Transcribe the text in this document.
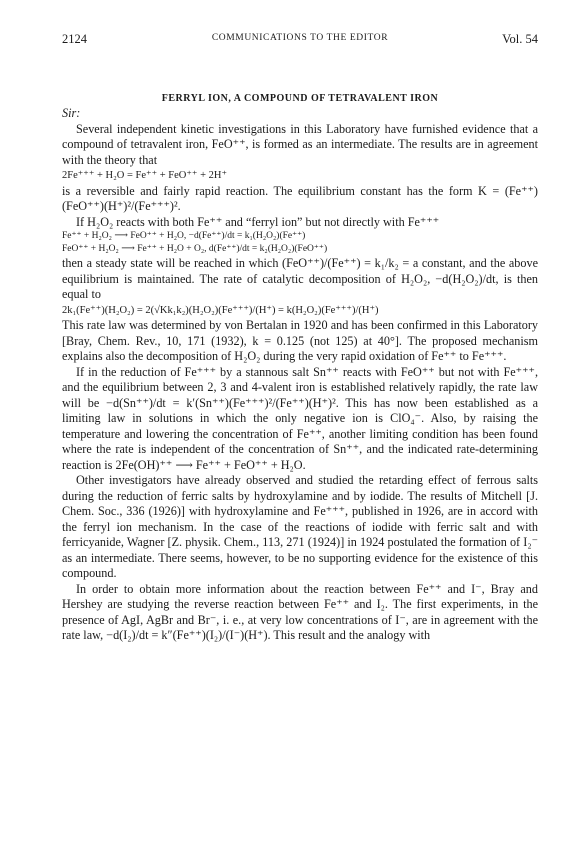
2124	COMMUNICATIONS TO THE EDITOR	Vol. 54
FERRYL ION, A COMPOUND OF TETRAVALENT IRON

Sir:

Several independent kinetic investigations in this Laboratory have furnished evidence that a compound of tetravalent iron, FeO⁺⁺, is formed as an intermediate. The results are in agreement with the theory that

2Fe⁺⁺⁺ + H₂O = Fe⁺⁺ + FeO⁺⁺ + 2H⁺

is a reversible and fairly rapid reaction. The equilibrium constant has the form K = (Fe⁺⁺)(FeO⁺⁺)(H⁺)²/(Fe⁺⁺⁺)².

If H₂O₂ reacts with both Fe⁺⁺ and “ferryl ion” but not directly with Fe⁺⁺⁺

Fe⁺⁺ + H₂O₂ ⟶ FeO⁺⁺ + H₂O, −d(Fe⁺⁺)/dt = k₁(H₂O₂)(Fe⁺⁺)

FeO⁺⁺ + H₂O₂ ⟶ Fe⁺⁺ + H₂O + O₂, d(Fe⁺⁺)/dt = k₂(H₂O₂)(FeO⁺⁺)

then a steady state will be reached in which (FeO⁺⁺)/(Fe⁺⁺) = k₁/k₂ = a constant, and the above equilibrium is maintained. The rate of catalytic decomposition of H₂O₂, −d(H₂O₂)/dt, is then equal to

2k₁(Fe⁺⁺)(H₂O₂) = 2(√Kk₁k₂)(H₂O₂)(Fe⁺⁺⁺)/(H⁺) = k(H₂O₂)(Fe⁺⁺⁺)/(H⁺)

This rate law was determined by von Bertalan in 1920 and has been confirmed in this Laboratory [Bray, Chem. Rev., 10, 171 (1932), k = 0.125 (not 125) at 40°]. The proposed mechanism explains also the decomposition of H₂O₂ during the very rapid oxidation of Fe⁺⁺ to Fe⁺⁺⁺.

If in the reduction of Fe⁺⁺⁺ by a stannous salt Sn⁺⁺ reacts with FeO⁺⁺ but not with Fe⁺⁺⁺, and the equilibrium between 2, 3 and 4-valent iron is established relatively rapidly, the rate law will be −d(Sn⁺⁺)/dt = k′(Sn⁺⁺)(Fe⁺⁺⁺)²/(Fe⁺⁺)(H⁺)². This has now been established as a limiting law in solutions in which the only negative ion is ClO₄⁻. Also, by raising the temperature and lowering the concentration of Fe⁺⁺, another limiting condition has been found where the rate is independent of the concentration of Sn⁺⁺, and the indicated rate-determining reaction is 2Fe(OH)⁺⁺ ⟶ Fe⁺⁺ + FeO⁺⁺ + H₂O.

Other investigators have already observed and studied the retarding effect of ferrous salts during the reduction of ferric salts by hydroxylamine and by iodide. The results of Mitchell [J. Chem. Soc., 336 (1926)] with hydroxylamine and Fe⁺⁺⁺, published in 1926, are in accord with the ferryl ion mechanism. In the case of the reactions of iodide with ferric salt and with ferricyanide, Wagner [Z. physik. Chem., 113, 271 (1924)] in 1924 postulated the formation of I₂⁻ as an intermediate. There seems, however, to be no supporting evidence for the existence of this compound.

In order to obtain more information about the reaction between Fe⁺⁺ and I⁻, Bray and Hershey are studying the reverse reaction between Fe⁺⁺ and I₂. The first experiments, in the presence of AgI, AgBr and Br⁻, i. e., at very low concentrations of I⁻, are in agreement with the rate law, −d(I₂)/dt = k″(Fe⁺⁺)(I₂)/(I⁻)(H⁺). This result and the analogy with
